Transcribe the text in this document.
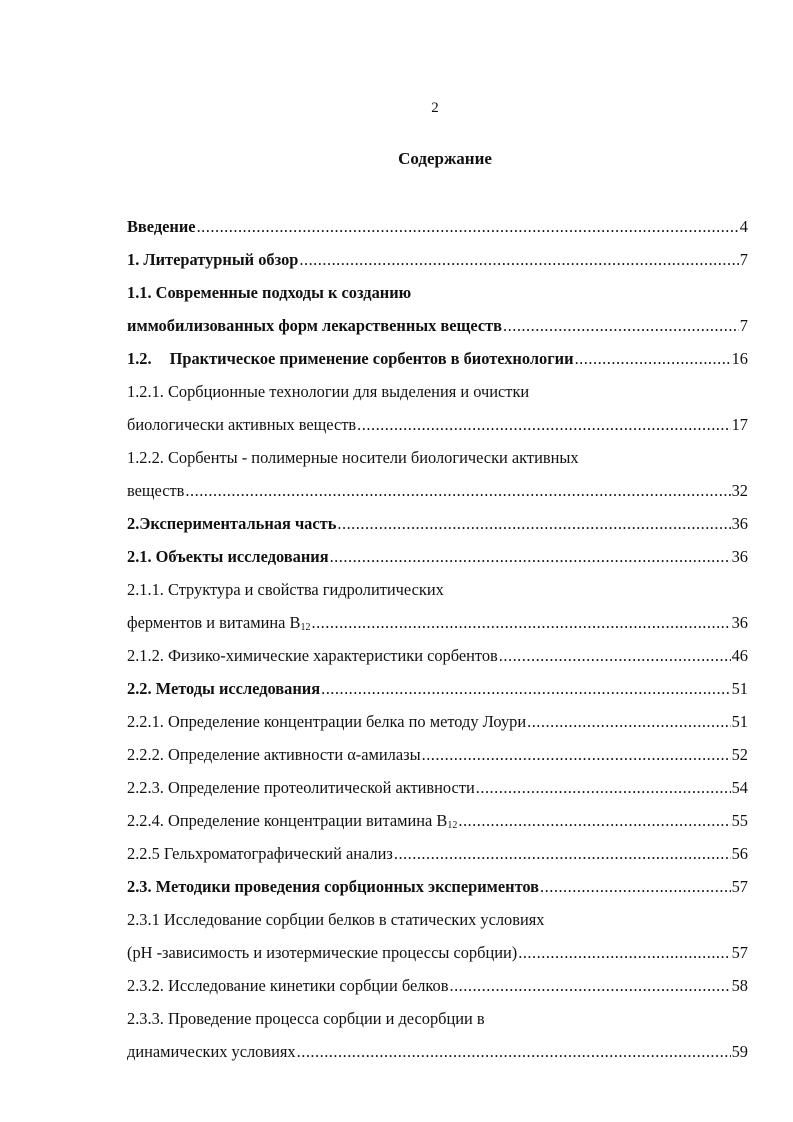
2
Содержание
Введение .....	4
1. Литературный обзор .....	7
1.1. Современные подходы к созданию
иммобилизованных форм лекарственных веществ .....	7
1.2. Практическое применение сорбентов в биотехнологии .....	16
1.2.1. Сорбционные технологии для выделения и очистки
биологически активных веществ .....	17
1.2.2. Сорбенты - полимерные носители биологически активных
веществ .....	32
2.Экспериментальная часть .....	36
2.1. Объекты исследования .....	36
2.1.1. Структура и свойства гидролитических
ферментов и витамина $B_{12}$ .....	36
2.1.2. Физико-химические характеристики сорбентов .....	46
2.2. Методы исследования .....	51
2.2.1. Определение концентрации белка по методу Лоури .....	51
2.2.2. Определение активности α-амилазы .....	52
2.2.3. Определение протеолитической активности .....	54
2.2.4. Определение концентрации витамина $B_{12}$ .....	55
2.2.5 Гельхроматографический анализ .....	56
2.3. Методики проведения сорбционных экспериментов .....	57
2.3.1 Исследование сорбции белков в статических условиях
(pH -зависимость и изотермические процессы сорбции) .....	57
2.3.2. Исследование кинетики сорбции белков .....	58
2.3.3. Проведение процесса сорбции и десорбции в
динамических условиях .....	59
